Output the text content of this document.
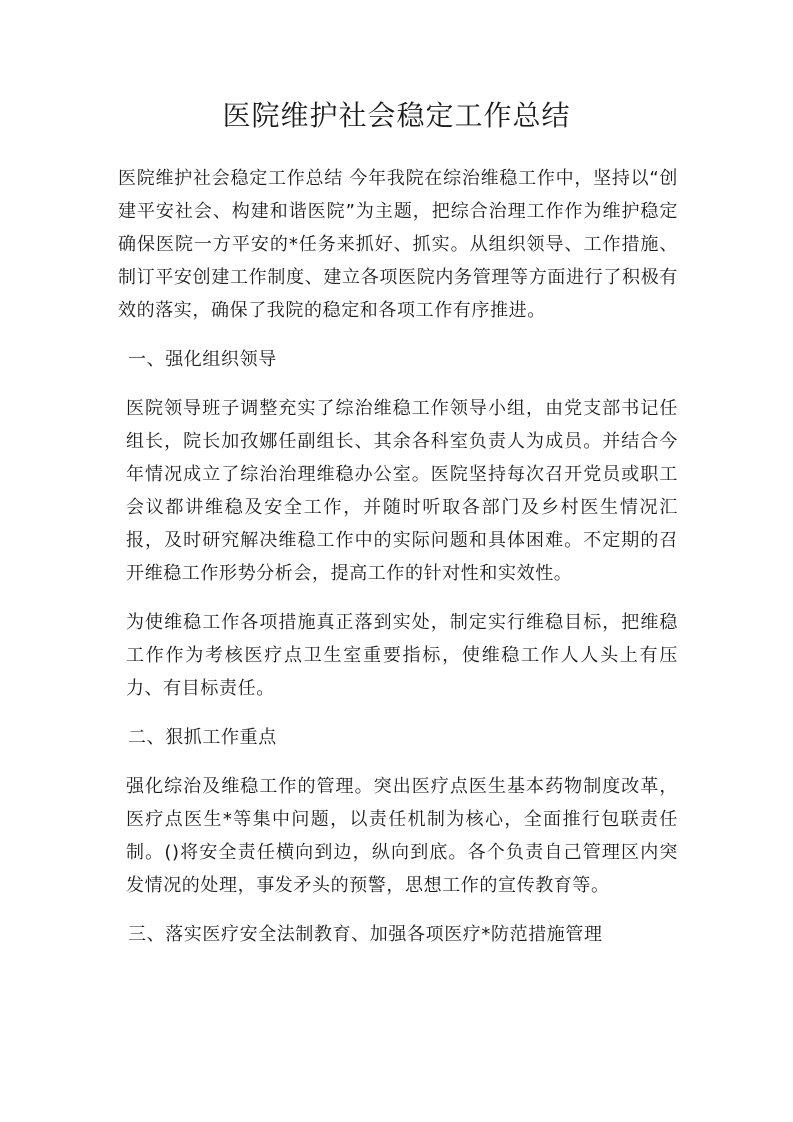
医院维护社会稳定工作总结

医院维护社会稳定工作总结 今年我院在综治维稳工作中，坚持以“创建平安社会、构建和谐医院”为主题，把综合治理工作作为维护稳定确保医院一方平安的*任务来抓好、抓实。从组织领导、工作措施、制订平安创建工作制度、建立各项医院内务管理等方面进行了积极有效的落实，确保了我院的稳定和各项工作有序推进。

一、强化组织领导

医院领导班子调整充实了综治维稳工作领导小组，由党支部书记任组长，院长加孜娜任副组长、其余各科室负责人为成员。并结合今年情况成立了综治治理维稳办公室。医院坚持每次召开党员或职工会议都讲维稳及安全工作，并随时听取各部门及乡村医生情况汇报，及时研究解决维稳工作中的实际问题和具体困难。不定期的召开维稳工作形势分析会，提高工作的针对性和实效性。

为使维稳工作各项措施真正落到实处，制定实行维稳目标，把维稳工作作为考核医疗点卫生室重要指标，使维稳工作人人头上有压力、有目标责任。

二、狠抓工作重点

强化综治及维稳工作的管理。突出医疗点医生基本药物制度改革，医疗点医生*等集中问题，以责任机制为核心，全面推行包联责任制。()将安全责任横向到边，纵向到底。各个负责自己管理区内突发情况的处理，事发矛头的预警，思想工作的宣传教育等。

三、落实医疗安全法制教育、加强各项医疗*防范措施管理
